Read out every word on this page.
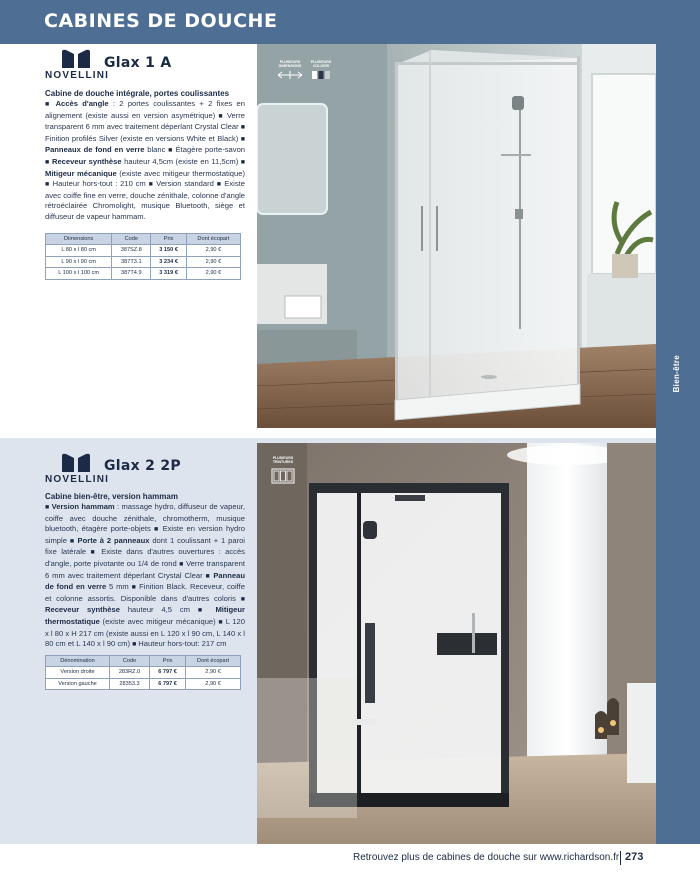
CABINES DE DOUCHE
Bien-être
NOVELLINI
Glax 1 A
Cabine de douche intégrale, portes coulissantes
■ Accès d'angle : 2 portes coulissantes + 2 fixes en alignement (existe aussi en version asymétrique) ■ Verre transparent 6 mm avec traitement déperlant Crystal Clear ■ Finition profilés Silver (existe en versions White et Black) ■ Panneaux de fond en verre blanc ■ Étagère porte-savon ■ Receveur synthèse hauteur 4,5cm (existe en 11,5cm) ■ Mitigeur mécanique (existe avec mitigeur thermostatique) ■ Hauteur hors-tout : 210 cm ■ Version standard ■ Existe avec coiffe fine en verre, douche zénithale, colonne d'angle rétroéclairée Chromolight, musique Bluetooth, siège et diffuseur de vapeur hammam.
Dimensions	Code	Prix	Dont écopart
L 80 x l 80 cm	387SZ.8	3 150 €	2,90 €
L 90 x l 90 cm	387T3.1	3 234 €	2,90 €
L 100 x l 100 cm	387T4.9	3 319 €	2,90 €
PLUSIEURS DIMENSIONS
PLUSIEURS COLORIS
NOVELLINI
Glax 2 2P
Cabine bien-être, version hammam
■ Version hammam : massage hydro, diffuseur de vapeur, coiffe avec douche zénithale, chromotherm, musique bluetooth, étagère porte-objets ■ Existe en version hydro simple ■ Porte à 2 panneaux dont 1 coulissant + 1 paroi fixe latérale ■ Existe dans d'autres ouvertures : accès d'angle, porte pivotante ou 1/4 de rond ■ Verre transparent 6 mm avec traitement déperlant Crystal Clear ■ Panneau de fond en verre 5 mm ■ Finition Black. Receveur, coiffe et colonne assortis. Disponible dans d'autres coloris ■ Receveur synthèse hauteur 4,5 cm ■ Mitigeur thermostatique (existe avec mitigeur mécanique) ■ L 120 x l 80 x H 217 cm (existe aussi en L 120 x l 90 cm, L 140 x l 80 cm et L 140 x l 90 cm) ■ Hauteur hors-tout: 217 cm
Dénomination	Code	Prix	Dont écopart
Version droite	283RZ.0	6 797 €	2,90 €
Version gauche	28353.3	6 797 €	2,90 €
PLUSIEURS TEINTURES
Retrouvez plus de cabines de douche sur www.richardson.fr 273
